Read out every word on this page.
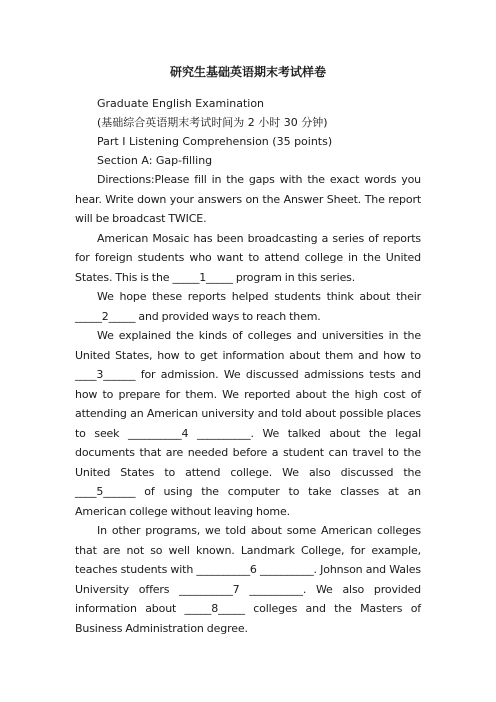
研究生基础英语期末考试样卷

Graduate English Examination

(基础综合英语期末考试时间为 2 小时 30 分钟)

Part I Listening Comprehension (35 points)

Section A: Gap-filling

Directions:Please fill in the gaps with the exact words you hear. Write down your answers on the Answer Sheet. The report will be broadcast TWICE.

American Mosaic has been broadcasting a series of reports for foreign students who want to attend college in the United States. This is the _____1_____ program in this series.

We hope these reports helped students think about their _____2_____ and provided ways to reach them.

We explained the kinds of colleges and universities in the United States, how to get information about them and how to ____3______ for admission. We discussed admissions tests and how to prepare for them. We reported about the high cost of attending an American university and told about possible places to seek __________4 __________. We talked about the legal documents that are needed before a student can travel to the United States to attend college. We also discussed the ____5______ of using the computer to take classes at an American college without leaving home.

In other programs, we told about some American colleges that are not so well known. Landmark College, for example, teaches students with __________6 __________. Johnson and Wales University offers __________7 __________. We also provided information about _____8_____ colleges and the Masters of Business Administration degree.
